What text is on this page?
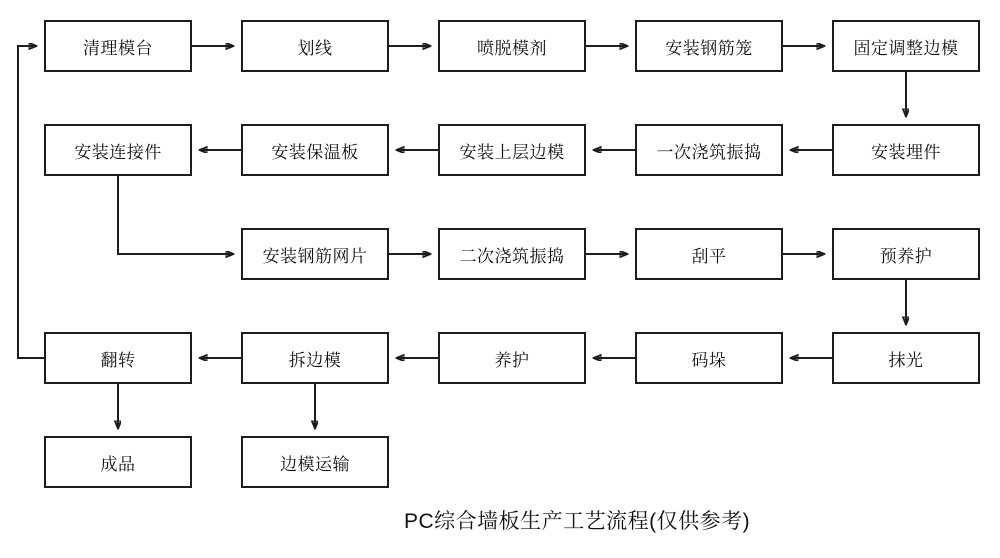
清理模台	划线	喷脱模剂	安装钢筋笼	固定调整边模
安装埋件
一次浇筑振捣
安装上层边模
安装保温板
安装连接件
安装钢筋网片	二次浇筑振捣	刮平	预养护
抹光
码垛
养护
拆边模
翻转
成品	边模运输
PC综合墙板生产工艺流程(仅供参考)
